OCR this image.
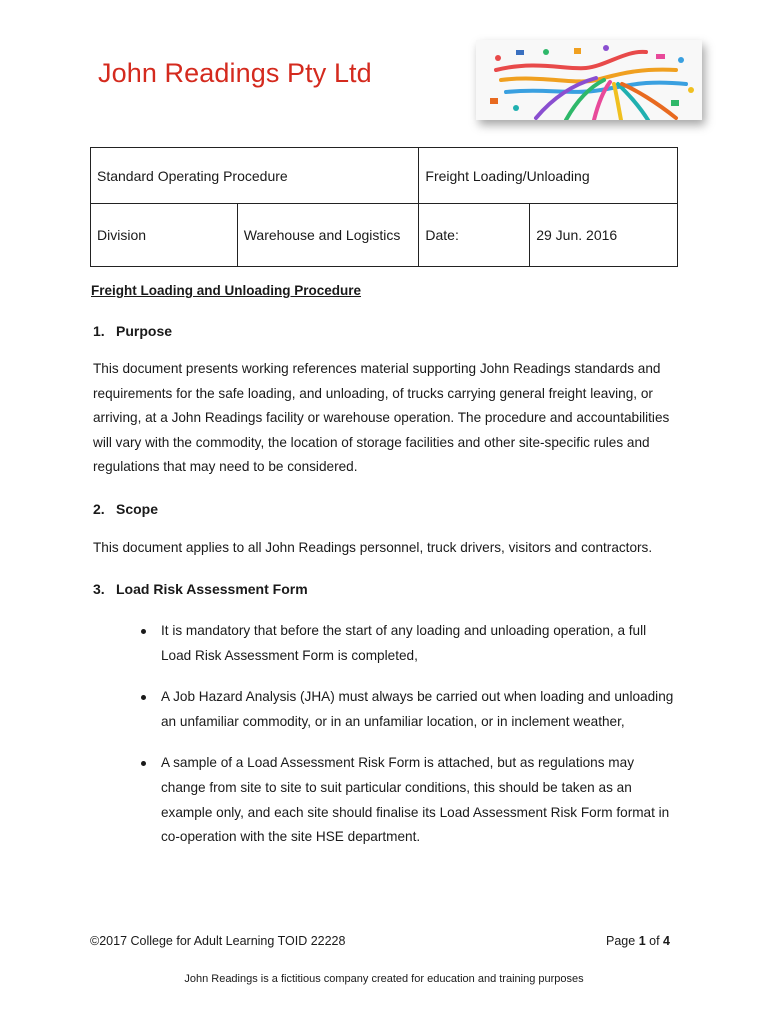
John Readings Pty Ltd
Standard Operating Procedure		Freight Loading/Unloading	
Division	Warehouse and Logistics	Date:	29 Jun. 2016
Freight Loading and Unloading Procedure
1. Purpose

This document presents working references material supporting John Readings standards and requirements for the safe loading, and unloading, of trucks carrying general freight leaving, or arriving, at a John Readings facility or warehouse operation. The procedure and accountabilities will vary with the commodity, the location of storage facilities and other site-specific rules and regulations that may need to be considered.

2. Scope

This document applies to all John Readings personnel, truck drivers, visitors and contractors.

3. Load Risk Assessment Form
It is mandatory that before the start of any loading and unloading operation, a full Load Risk Assessment Form is completed,
A Job Hazard Analysis (JHA) must always be carried out when loading and unloading an unfamiliar commodity, or in an unfamiliar location, or in inclement weather,
A sample of a Load Assessment Risk Form is attached, but as regulations may change from site to site to suit particular conditions, this should be taken as an example only, and each site should finalise its Load Assessment Risk Form format in co-operation with the site HSE department.
©2017 College for Adult Learning TOID 22228	Page 1 of 4
John Readings is a fictitious company created for education and training purposes
